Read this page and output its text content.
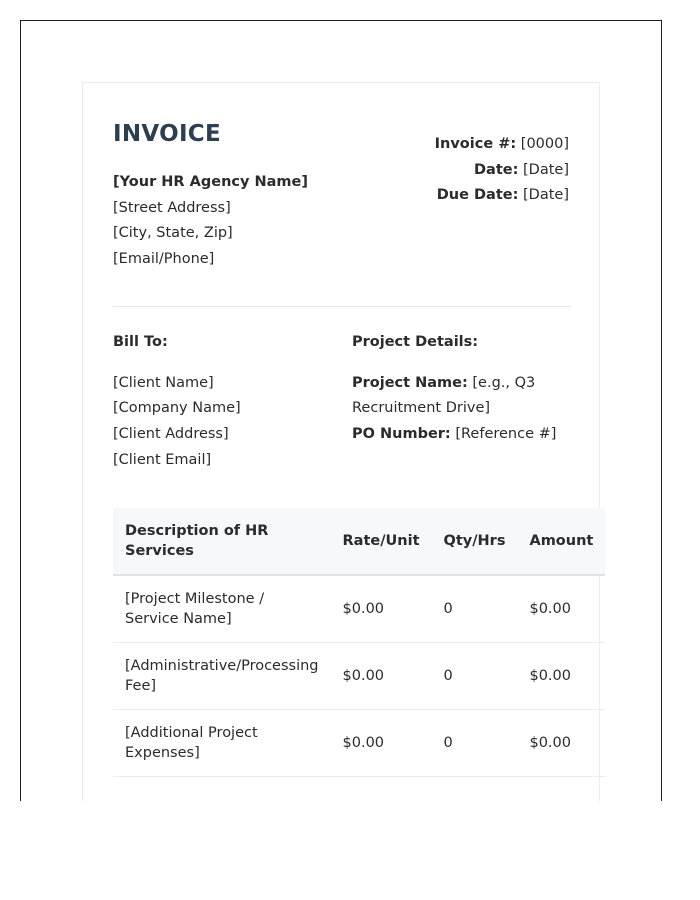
INVOICE
[Your HR Agency Name]
[Street Address]
[City, State, Zip]
[Email/Phone]
Invoice #: [0000]
Date: [Date]
Due Date: [Date]
Bill To:
[Client Name]
[Company Name]
[Client Address]
[Client Email]
Project Details:

Project Name: [e.g., Q3 Recruitment Drive]

PO Number: [Reference #]

Description of HR Services	Rate/Unit	Qty/Hrs	Amount
[Project Milestone / Service Name]	$0.00	0	$0.00
[Administrative/Processing Fee]	$0.00	0	$0.00
[Additional Project Expenses]	$0.00	0	$0.00
